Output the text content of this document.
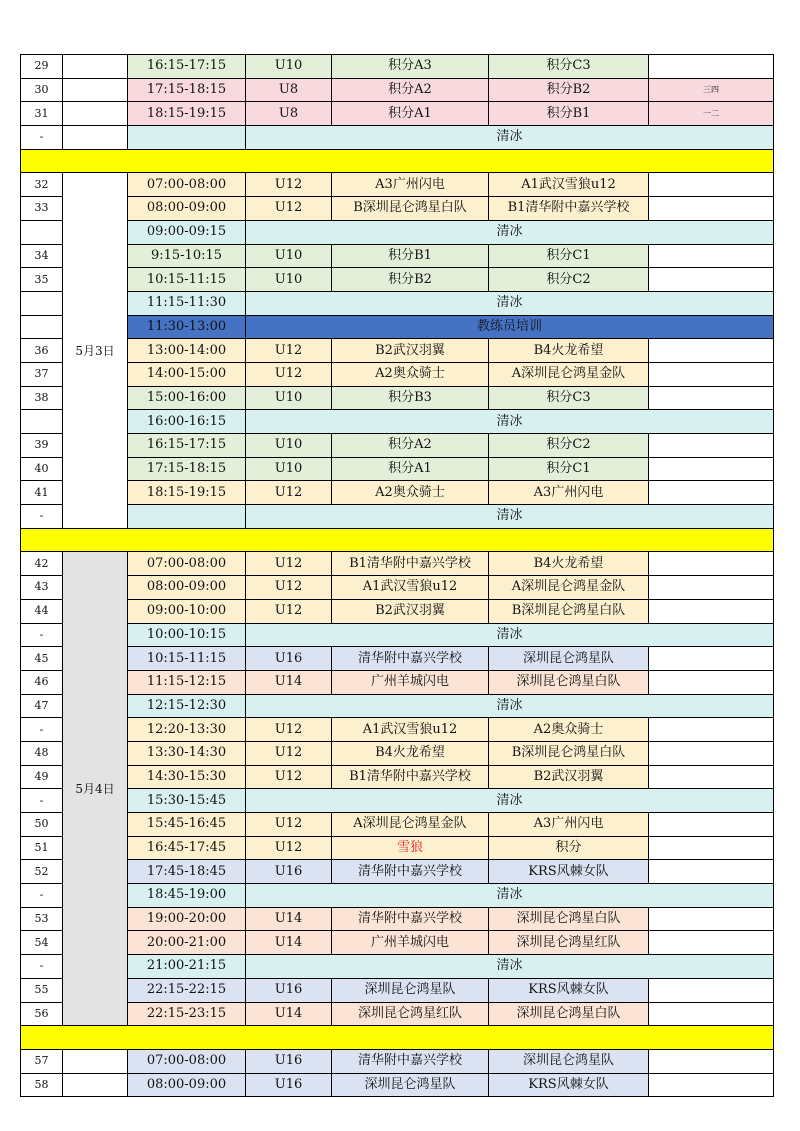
29		16:15-17:15	U10	积分A3	积分C3	
30		17:15-18:15	U8	积分A2	积分B2	三四
31		18:15-19:15	U8	积分A1	积分B1	一二
-			清冰			

32	5月3日	07:00-08:00	U12	A3广州闪电	A1武汉雪狼u12	
33		08:00-09:00	U12	B深圳昆仑鸿星白队	B1清华附中嘉兴学校	
		09:00-09:15	清冰			
34		9:15-10:15	U10	积分B1	积分C1	
35		10:15-11:15	U10	积分B2	积分C2	
		11:15-11:30	清冰			
		11:30-13:00	教练员培训			
36		13:00-14:00	U12	B2武汉羽翼	B4火龙希望	
37		14:00-15:00	U12	A2奥众骑士	A深圳昆仑鸿星金队	
38		15:00-16:00	U10	积分B3	积分C3	
		16:00-16:15	清冰			
39		16:15-17:15	U10	积分A2	积分C2	
40		17:15-18:15	U10	积分A1	积分C1	
41		18:15-19:15	U12	A2奥众骑士	A3广州闪电	
-			清冰			

42	5月4日	07:00-08:00	U12	B1清华附中嘉兴学校	B4火龙希望	
43		08:00-09:00	U12	A1武汉雪狼u12	A深圳昆仑鸿星金队	
44		09:00-10:00	U12	B2武汉羽翼	B深圳昆仑鸿星白队	
-		10:00-10:15	清冰			
45		10:15-11:15	U16	清华附中嘉兴学校	深圳昆仑鸿星队	
46		11:15-12:15	U14	广州羊城闪电	深圳昆仑鸿星白队	
47		12:15-12:30	清冰			
-		12:20-13:30	U12	A1武汉雪狼u12	A2奥众骑士	
48		13:30-14:30	U12	B4火龙希望	B深圳昆仑鸿星白队	
49		14:30-15:30	U12	B1清华附中嘉兴学校	B2武汉羽翼	
-		15:30-15:45	清冰			
50		15:45-16:45	U12	A深圳昆仑鸿星金队	A3广州闪电	
51		16:45-17:45	U12	雪狼	积分	
52		17:45-18:45	U16	清华附中嘉兴学校	KRS风棘女队	
-		18:45-19:00	清冰			
53		19:00-20:00	U14	清华附中嘉兴学校	深圳昆仑鸿星白队	
54		20:00-21:00	U14	广州羊城闪电	深圳昆仑鸿星红队	
-		21:00-21:15	清冰			
55		22:15-22:15	U16	深圳昆仑鸿星队	KRS风棘女队	
56		22:15-23:15	U14	深圳昆仑鸿星红队	深圳昆仑鸿星白队	

57		07:00-08:00	U16	清华附中嘉兴学校	深圳昆仑鸿星队	
58		08:00-09:00	U16	深圳昆仑鸿星队	KRS风棘女队	
